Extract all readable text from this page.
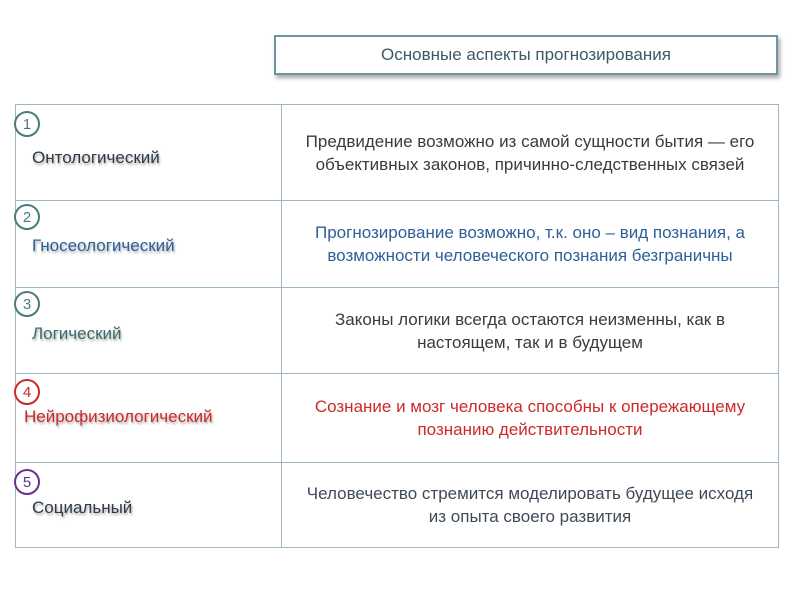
Основные аспекты прогнозирования
1
Онтологический
Предвидение возможно из самой сущности бытия — его объективных законов, причинно-следственных связей
2
Гносеологический
Прогнозирование возможно, т.к. оно – вид познания, а возможности человеческого познания безграничны
3
Логический
Законы логики всегда остаются неизменны, как в настоящем, так и в будущем
4
Нейрофизиологический
Сознание и мозг человека способны к опережающему познанию действительности
5
Социальный
Человечество стремится моделировать будущее исходя из опыта своего развития
